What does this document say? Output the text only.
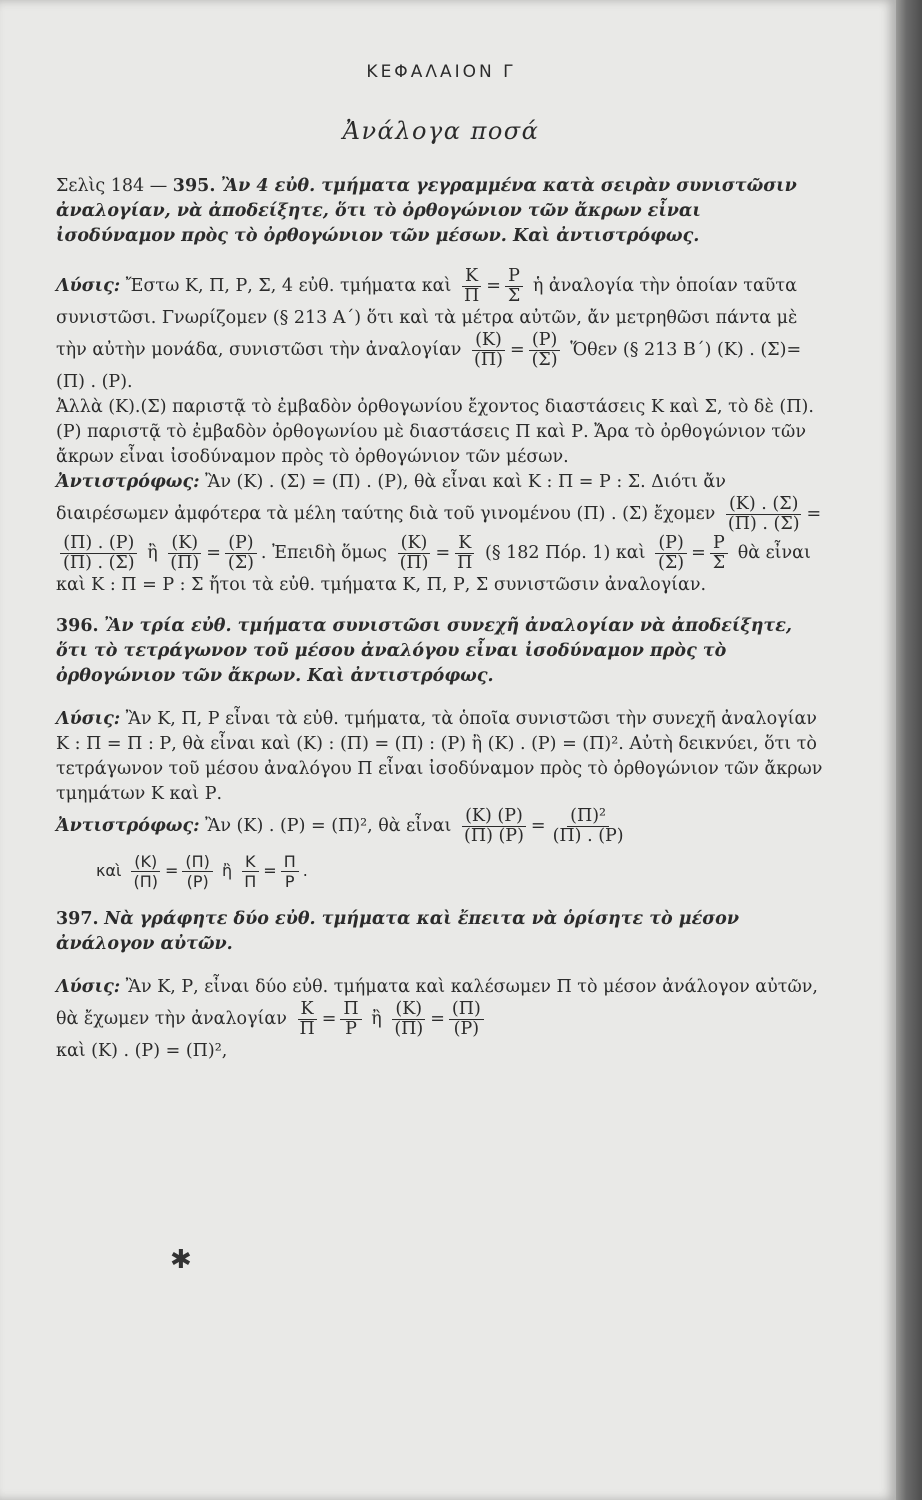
ΚΕΦΑΛΑΙΟΝ Γ
Ἀνάλογα ποσά

Σελὶς 184 — 395. Ἂν 4 εὐθ. τμήματα γεγραμμένα κατὰ σειρὰν συνιστῶσιν ἀναλογίαν, νὰ ἀποδείξητε, ὅτι τὸ ὀρθογώνιον τῶν ἄκρων εἶναι ἰσοδύναμον πρὸς τὸ ὀρθογώνιον τῶν μέσων. Καὶ ἀντιστρόφως.

Λύσις: Ἔστω Κ, Π, Ρ, Σ, 4 εὐθ. τμήματα καὶ $\frac{K}{\Pi} = \frac{P}{\Sigma}$ ἡ ἀναλογία τὴν ὁποίαν ταῦτα συνιστῶσι. Γνωρίζομεν (§ 213 Α΄) ὅτι καὶ τὰ μέτρα αὐτῶν, ἄν μετρηθῶσι πάντα μὲ τὴν αὐτὴν μονάδα, συνιστῶσι τὴν ἀναλογίαν $\frac{(K)}{(\Pi)} = \frac{(P)}{(\Sigma)}$ Ὅθεν (§ 213 Β΄) (Κ) . (Σ)=(Π) . (Ρ).

Ἀλλὰ (Κ).(Σ) παριστᾷ τὸ ἐμβαδὸν ὀρθογωνίου ἔχοντος διαστάσεις Κ καὶ Σ, τὸ δὲ (Π).(Ρ) παριστᾷ τὸ ἐμβαδὸν ὀρθογωνίου μὲ διαστάσεις Π καὶ Ρ. Ἄρα τὸ ὀρθογώνιον τῶν ἄκρων εἶναι ἰσοδύναμον πρὸς τὸ ὀρθογώνιον τῶν μέσων.

Ἀντιστρόφως: Ἂν (Κ) . (Σ) = (Π) . (Ρ), θὰ εἶναι καὶ Κ : Π = Ρ : Σ. Διότι ἄν διαιρέσωμεν ἀμφότερα τὰ μέλη ταύτης διὰ τοῦ γινομένου (Π) . (Σ) ἔχομεν $\frac{(K) . (\Sigma)}{(\Pi) . (\Sigma)}$ =
$\frac{(\Pi) . (P)}{(\Pi) . (\Sigma)}$ ἢ $\frac{(K)}{(\Pi)} = \frac{(P)}{(\Sigma)}$ . Ἐπειδὴ ὅμως $\frac{(K)}{(\Pi)} = \frac{K}{\Pi}$ (§ 182 Πόρ. 1) καὶ $\frac{(P)}{(\Sigma)} = \frac{P}{\Sigma}$ θὰ εἶναι καὶ Κ : Π = Ρ : Σ ἤτοι τὰ εὐθ. τμήματα Κ, Π, Ρ, Σ συνιστῶσιν ἀναλογίαν.

396. Ἂν τρία εὐθ. τμήματα συνιστῶσι συνεχῆ ἀναλογίαν νὰ ἀποδείξητε, ὅτι τὸ τετράγωνον τοῦ μέσου ἀναλόγου εἶναι ἰσοδύναμον πρὸς τὸ ὀρθογώνιον τῶν ἄκρων. Καὶ ἀντιστρόφως.

Λύσις: Ἂν Κ, Π, Ρ εἶναι τὰ εὐθ. τμήματα, τὰ ὁποῖα συνιστῶσι τὴν συνεχῆ ἀναλογίαν Κ : Π = Π : Ρ, θὰ εἶναι καὶ (Κ) : (Π) = (Π) : (Ρ) ἢ (Κ) . (Ρ) = (Π)². Αὐτὴ δεικνύει, ὅτι τὸ τετράγωνον τοῦ μέσου ἀναλόγου Π εἶναι ἰσοδύναμον πρὸς τὸ ὀρθογώνιον τῶν ἄκρων τμημάτων Κ καὶ Ρ.

Ἀντιστρόφως: Ἂν (Κ) . (Ρ) = (Π)², θὰ εἶναι $\frac{(K) (P)}{(\Pi) (P)} = \frac{\text{(Π)²}}{(\Pi) . (P)}$

καὶ $\frac{(K)}{(\Pi)} = \frac{(\Pi)}{(P)}$ ἢ $\frac{K}{\Pi} = \frac{\Pi}{P}$ .

397. Νὰ γράφητε δύο εὐθ. τμήματα καὶ ἔπειτα νὰ ὁρίσητε τὸ μέσον ἀνάλογον αὐτῶν.

Λύσις: Ἂν Κ, Ρ, εἶναι δύο εὐθ. τμήματα καὶ καλέσωμεν Π τὸ μέσον ἀνάλογον αὐτῶν, θὰ ἔχωμεν τὴν ἀναλογίαν $\frac{K}{\Pi} = \frac{\Pi}{P}$ ἢ $\frac{(K)}{(\Pi)} = \frac{(\Pi)}{(P)}$

καὶ (Κ) . (Ρ) = (Π)²,

✱
